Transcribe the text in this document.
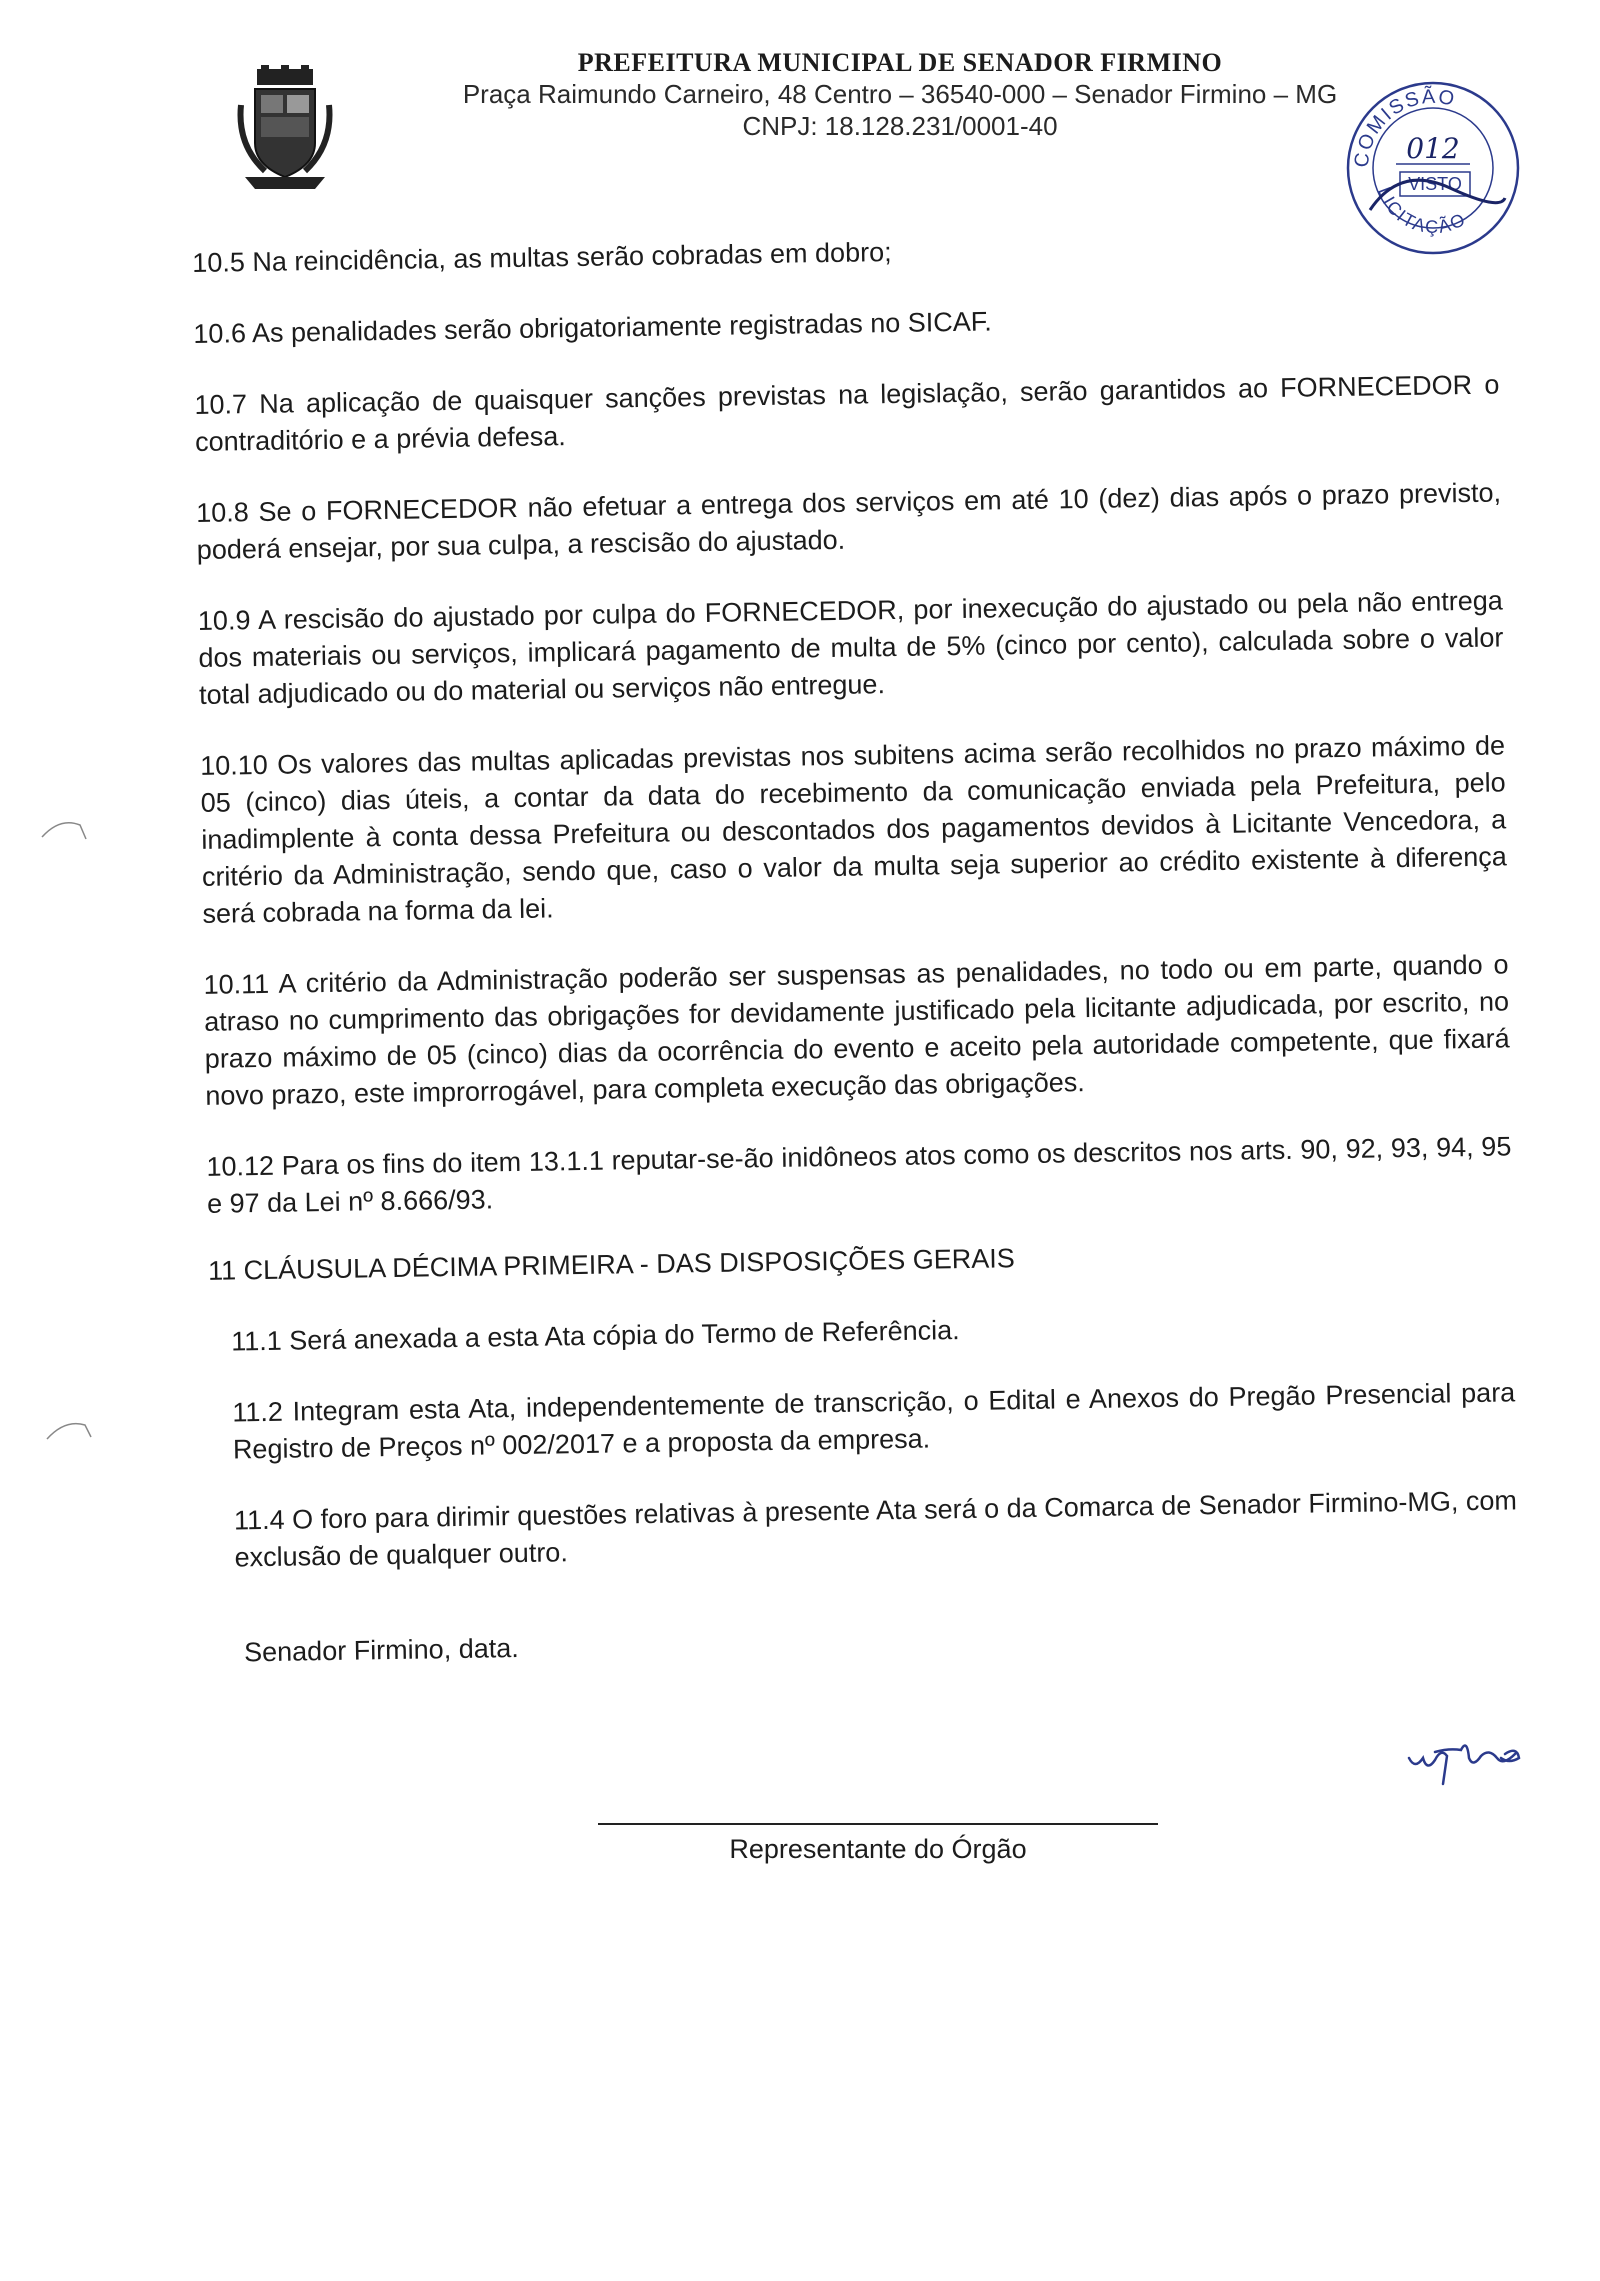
PREFEITURA MUNICIPAL DE SENADOR FIRMINO
Praça Raimundo Carneiro, 48 Centro – 36540-000 – Senador Firmino – MG
CNPJ: 18.128.231/0001-40
COMISSÃO
LICITAÇÃO
012
VISTO

10.5 Na reincidência, as multas serão cobradas em dobro;

10.6 As penalidades serão obrigatoriamente registradas no SICAF.

10.7 Na aplicação de quaisquer sanções previstas na legislação, serão garantidos ao FORNECEDOR o contraditório e a prévia defesa.

10.8 Se o FORNECEDOR não efetuar a entrega dos serviços em até 10 (dez) dias após o prazo previsto, poderá ensejar, por sua culpa, a rescisão do ajustado.

10.9 A rescisão do ajustado por culpa do FORNECEDOR, por inexecução do ajustado ou pela não entrega dos materiais ou serviços, implicará pagamento de multa de 5% (cinco por cento), calculada sobre o valor total adjudicado ou do material ou serviços não entregue.

10.10 Os valores das multas aplicadas previstas nos subitens acima serão recolhidos no prazo máximo de 05 (cinco) dias úteis, a contar da data do recebimento da comunicação enviada pela Prefeitura, pelo inadimplente à conta dessa Prefeitura ou descontados dos pagamentos devidos à Licitante Vencedora, a critério da Administração, sendo que, caso o valor da multa seja superior ao crédito existente à diferença será cobrada na forma da lei.

10.11 A critério da Administração poderão ser suspensas as penalidades, no todo ou em parte, quando o atraso no cumprimento das obrigações for devidamente justificado pela licitante adjudicada, por escrito, no prazo máximo de 05 (cinco) dias da ocorrência do evento e aceito pela autoridade competente, que fixará novo prazo, este improrrogável, para completa execução das obrigações.

10.12 Para os fins do item 13.1.1 reputar-se-ão inidôneos atos como os descritos nos arts. 90, 92, 93, 94, 95 e 97 da Lei nº 8.666/93.

11 CLÁUSULA DÉCIMA PRIMEIRA - DAS DISPOSIÇÕES GERAIS

11.1 Será anexada a esta Ata cópia do Termo de Referência.

11.2 Integram esta Ata, independentemente de transcrição, o Edital e Anexos do Pregão Presencial para Registro de Preços nº 002/2017 e a proposta da empresa.

11.4 O foro para dirimir questões relativas à presente Ata será o da Comarca de Senador Firmino-MG, com exclusão de qualquer outro.

Senador Firmino, data.

Representante do Órgão
